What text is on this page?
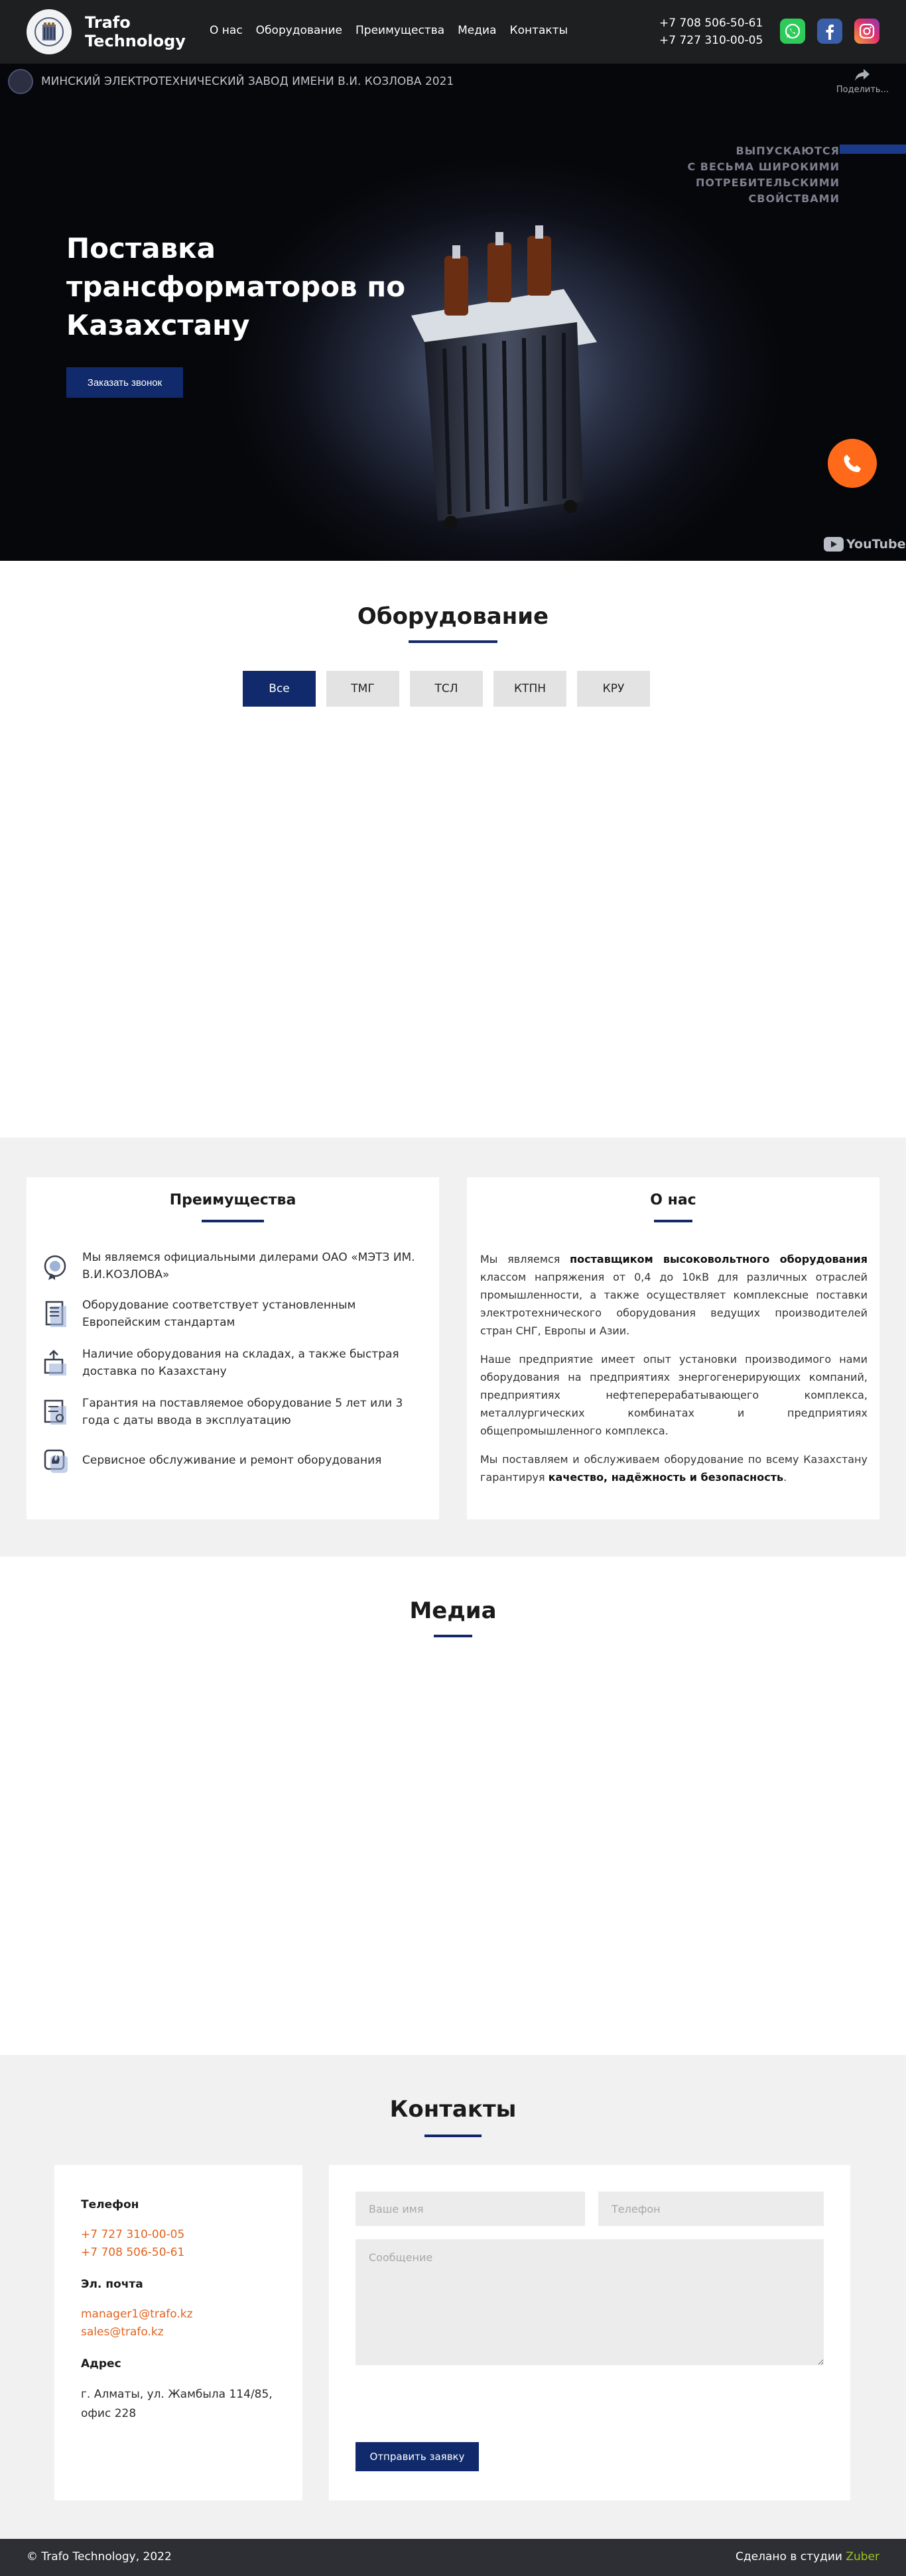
Trafo
Technology
О нас Оборудование Преимущества Медиа Контакты
+7 708 506-50-61
+7 727 310-00-05
МИНСКИЙ ЭЛЕКТРОТЕХНИЧЕСКИЙ ЗАВОД ИМЕНИ В.И. КОЗЛОВА 2021
Поделить...
ВЫПУСКАЮТСЯ
С ВЕСЬМА ШИРОКИМИ
ПОТРЕБИТЕЛЬСКИМИ
СВОЙСТВАМИ
Поставка трансформаторов по Казахстану
Заказать звонок
YouTube
Оборудование
Все	ТМГ	ТСЛ	КТПН	КРУ
Преимущества
Мы являемся официальными дилерами ОАО «МЭТЗ ИМ. В.И.КОЗЛОВА»
Оборудование соответствует установленным Европейским стандартам
Наличие оборудования на складах, а также быстрая доставка по Казахстану
Гарантия на поставляемое оборудование 5 лет или 3 года с даты ввода в эксплуатацию
Сервисное обслуживание и ремонт оборудования
О нас

Мы являемся поставщиком высоковольтного оборудования классом напряжения от 0,4 до 10кВ для различных отраслей промышленности, а также осуществляет комплексные поставки электротехнического оборудования ведущих производителей стран СНГ, Европы и Азии.

Наше предприятие имеет опыт установки производимого нами оборудования на предприятиях энергогенерирующих компаний, предприятиях нефтеперерабатывающего комплекса, металлургических комбинатах и предприятиях общепромышленного комплекса.

Мы поставляем и обслуживаем оборудование по всему Казахстану гарантируя качество, надёжность и безопасность.

Медиа
Контакты
Телефон
+7 727 310-00-05
+7 708 506-50-61
Эл. почта
manager1@trafo.kz
sales@trafo.kz
Адрес
г. Алматы, ул. Жамбыла 114/85, офис 228
Ваше имя
Телефон
Сообщение
Отправить заявку
© Trafo Technology, 2022	Сделано в студии Zuber
